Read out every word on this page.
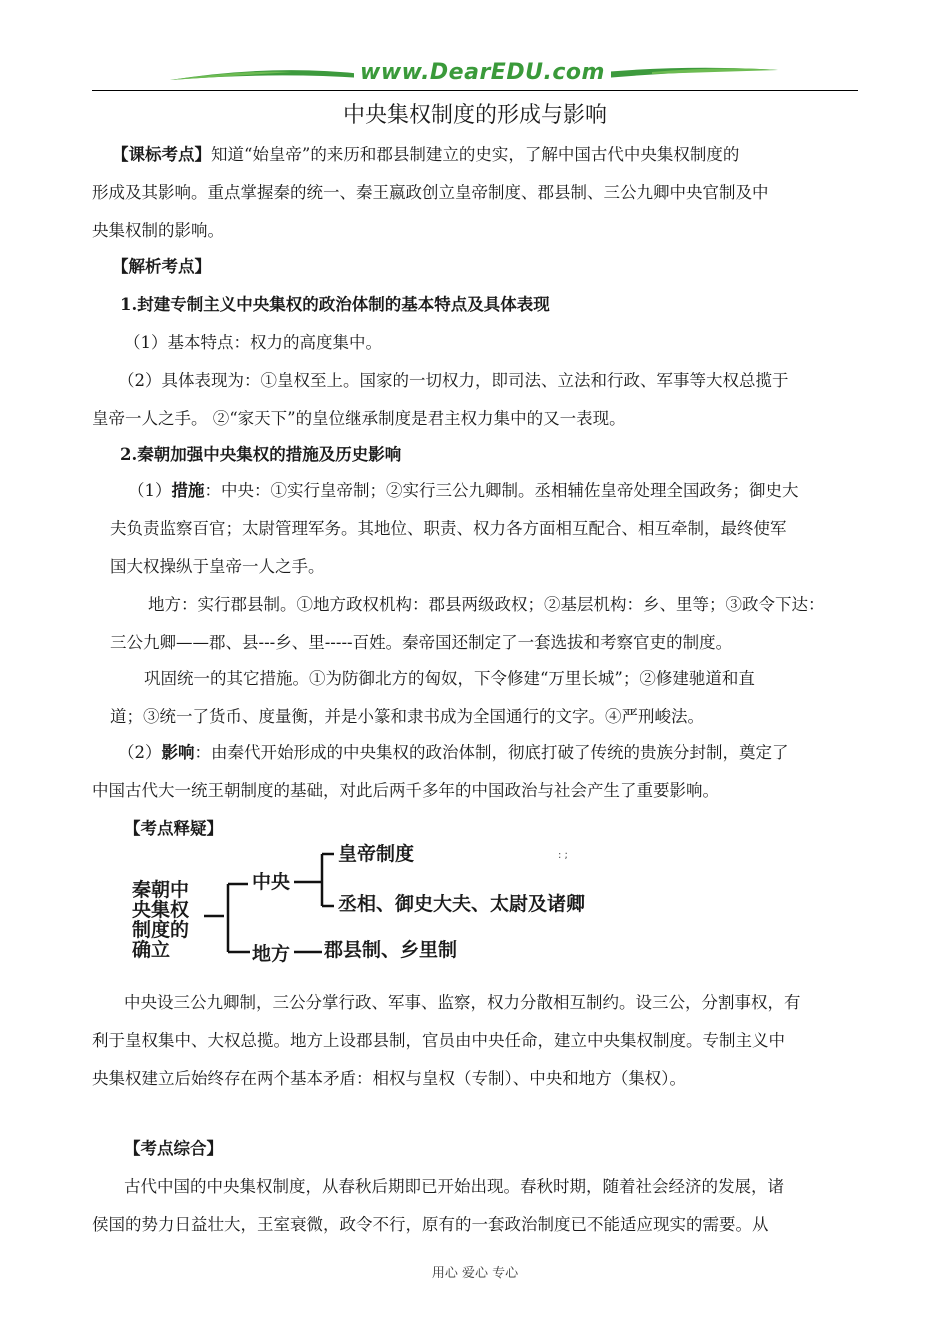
www.DearEDU.com
中央集权制度的形成与影响
【课标考点】知道“始皇帝”的来历和郡县制建立的史实，了解中国古代中央集权制度的
形成及其影响。重点掌握秦的统一、秦王嬴政创立皇帝制度、郡县制、三公九卿中央官制及中
央集权制的影响。
【解析考点】
1.封建专制主义中央集权的政治体制的基本特点及具体表现
（1）基本特点：权力的高度集中。
（2）具体表现为：①皇权至上。国家的一切权力，即司法、立法和行政、军事等大权总揽于
皇帝一人之手。 ②“家天下”的皇位继承制度是君主权力集中的又一表现。
2.秦朝加强中央集权的措施及历史影响
（1）措施：中央：①实行皇帝制；②实行三公九卿制。丞相辅佐皇帝处理全国政务；御史大
夫负责监察百官；太尉管理军务。其地位、职责、权力各方面相互配合、相互牵制，最终使军
国大权操纵于皇帝一人之手。
地方：实行郡县制。①地方政权机构：郡县两级政权；②基层机构：乡、里等；③政令下达：
三公九卿——郡、县---乡、里-----百姓。秦帝国还制定了一套选拔和考察官吏的制度。
巩固统一的其它措施。①为防御北方的匈奴，下令修建“万里长城”；②修建驰道和直
道；③统一了货币、度量衡，并是小篆和隶书成为全国通行的文字。④严刑峻法。
（2）影响：由秦代开始形成的中央集权的政治体制，彻底打破了传统的贵族分封制，奠定了
中国古代大一统王朝制度的基础，对此后两千多年的中国政治与社会产生了重要影响。
【考点释疑】
: ;
秦朝中
央集权
制度的
确立
中央
地方
皇帝制度
丞相、御史大夫、太尉及诸卿
郡县制、乡里制
中央设三公九卿制，三公分掌行政、军事、监察，权力分散相互制约。设三公，分割事权，有
利于皇权集中、大权总揽。地方上设郡县制，官员由中央任命，建立中央集权制度。专制主义中
央集权建立后始终存在两个基本矛盾：相权与皇权（专制）、中央和地方（集权）。
【考点综合】
古代中国的中央集权制度，从春秋后期即已开始出现。春秋时期，随着社会经济的发展，诸
侯国的势力日益壮大，王室衰微，政令不行，原有的一套政治制度已不能适应现实的需要。从
用心 爱心 专心
